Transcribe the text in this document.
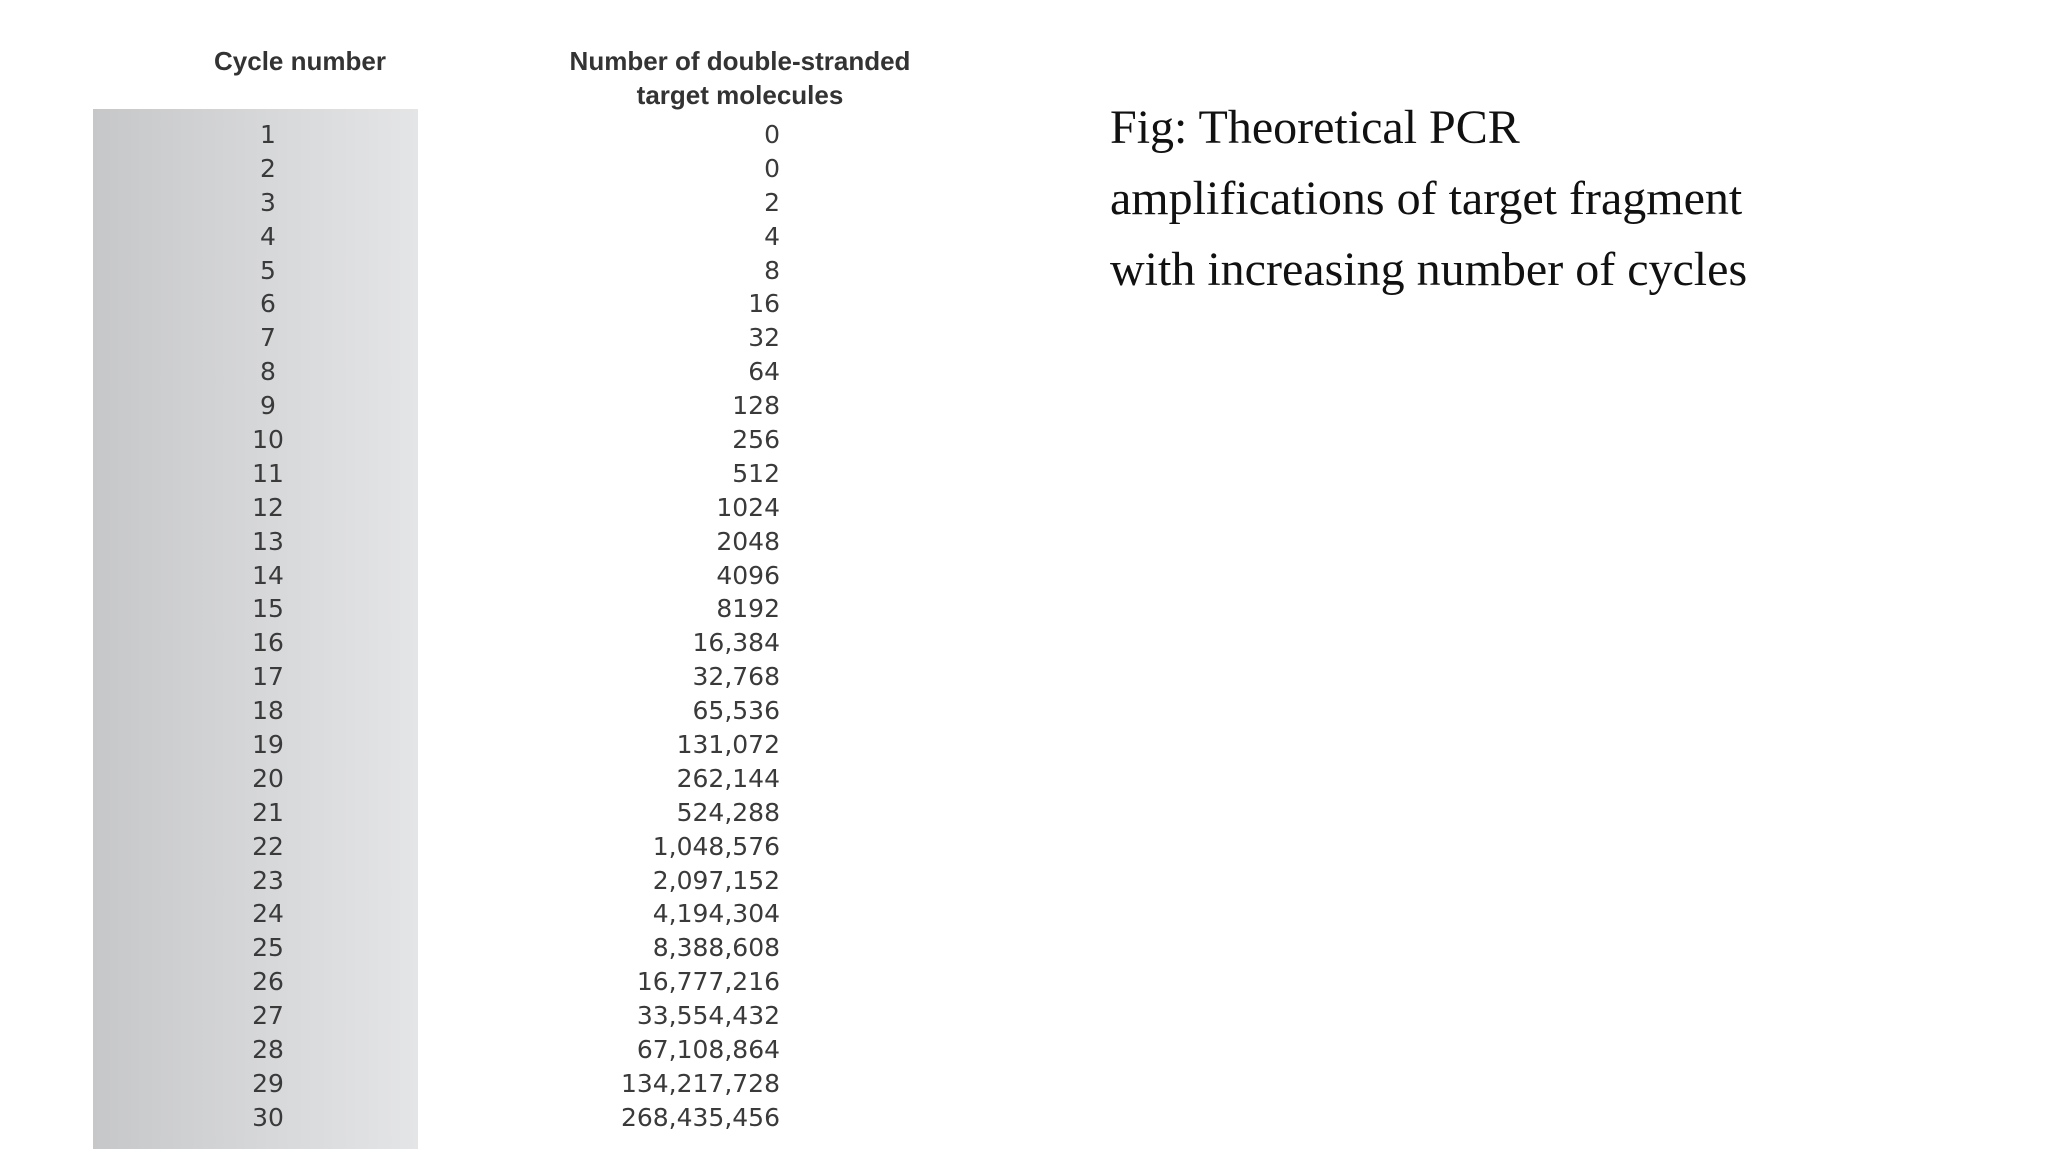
Cycle number	Number of double-stranded
target molecules
1	0
2	0
3	2
4	4
5	8
6	16
7	32
8	64
9	128
10	256
11	512
12	1024
13	2048
14	4096
15	8192
16	16,384
17	32,768
18	65,536
19	131,072
20	262,144
21	524,288
22	1,048,576
23	2,097,152
24	4,194,304
25	8,388,608
26	16,777,216
27	33,554,432
28	67,108,864
29	134,217,728
30	268,435,456
Fig: Theoretical PCR
amplifications of target fragment
with increasing number of cycles
